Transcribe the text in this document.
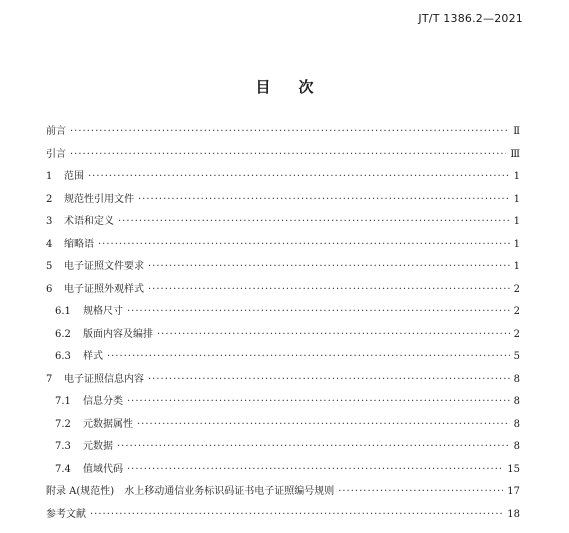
JT/T 1386.2—2021
目 次
前言 ·····	Ⅱ
引言 ·····	Ⅲ
1	范围 ·····	1
2	规范性引用文件 ·····	1
3	术语和定义 ·····	1
4	缩略语 ·····	1
5	电子证照文件要求 ·····	1
6	电子证照外观样式 ·····	2
6.1	规格尺寸 ·····	2
6.2	版面内容及编排 ·····	2
6.3	样式 ·····	5
7	电子证照信息内容 ·····	8
7.1	信息分类 ·····	8
7.2	元数据属性 ·····	8
7.3	元数据 ·····	8
7.4	值域代码 ·····	15
附录 A(规范性)　水上移动通信业务标识码证书电子证照编号规则 ·····	17
参考文献 ·····	18
